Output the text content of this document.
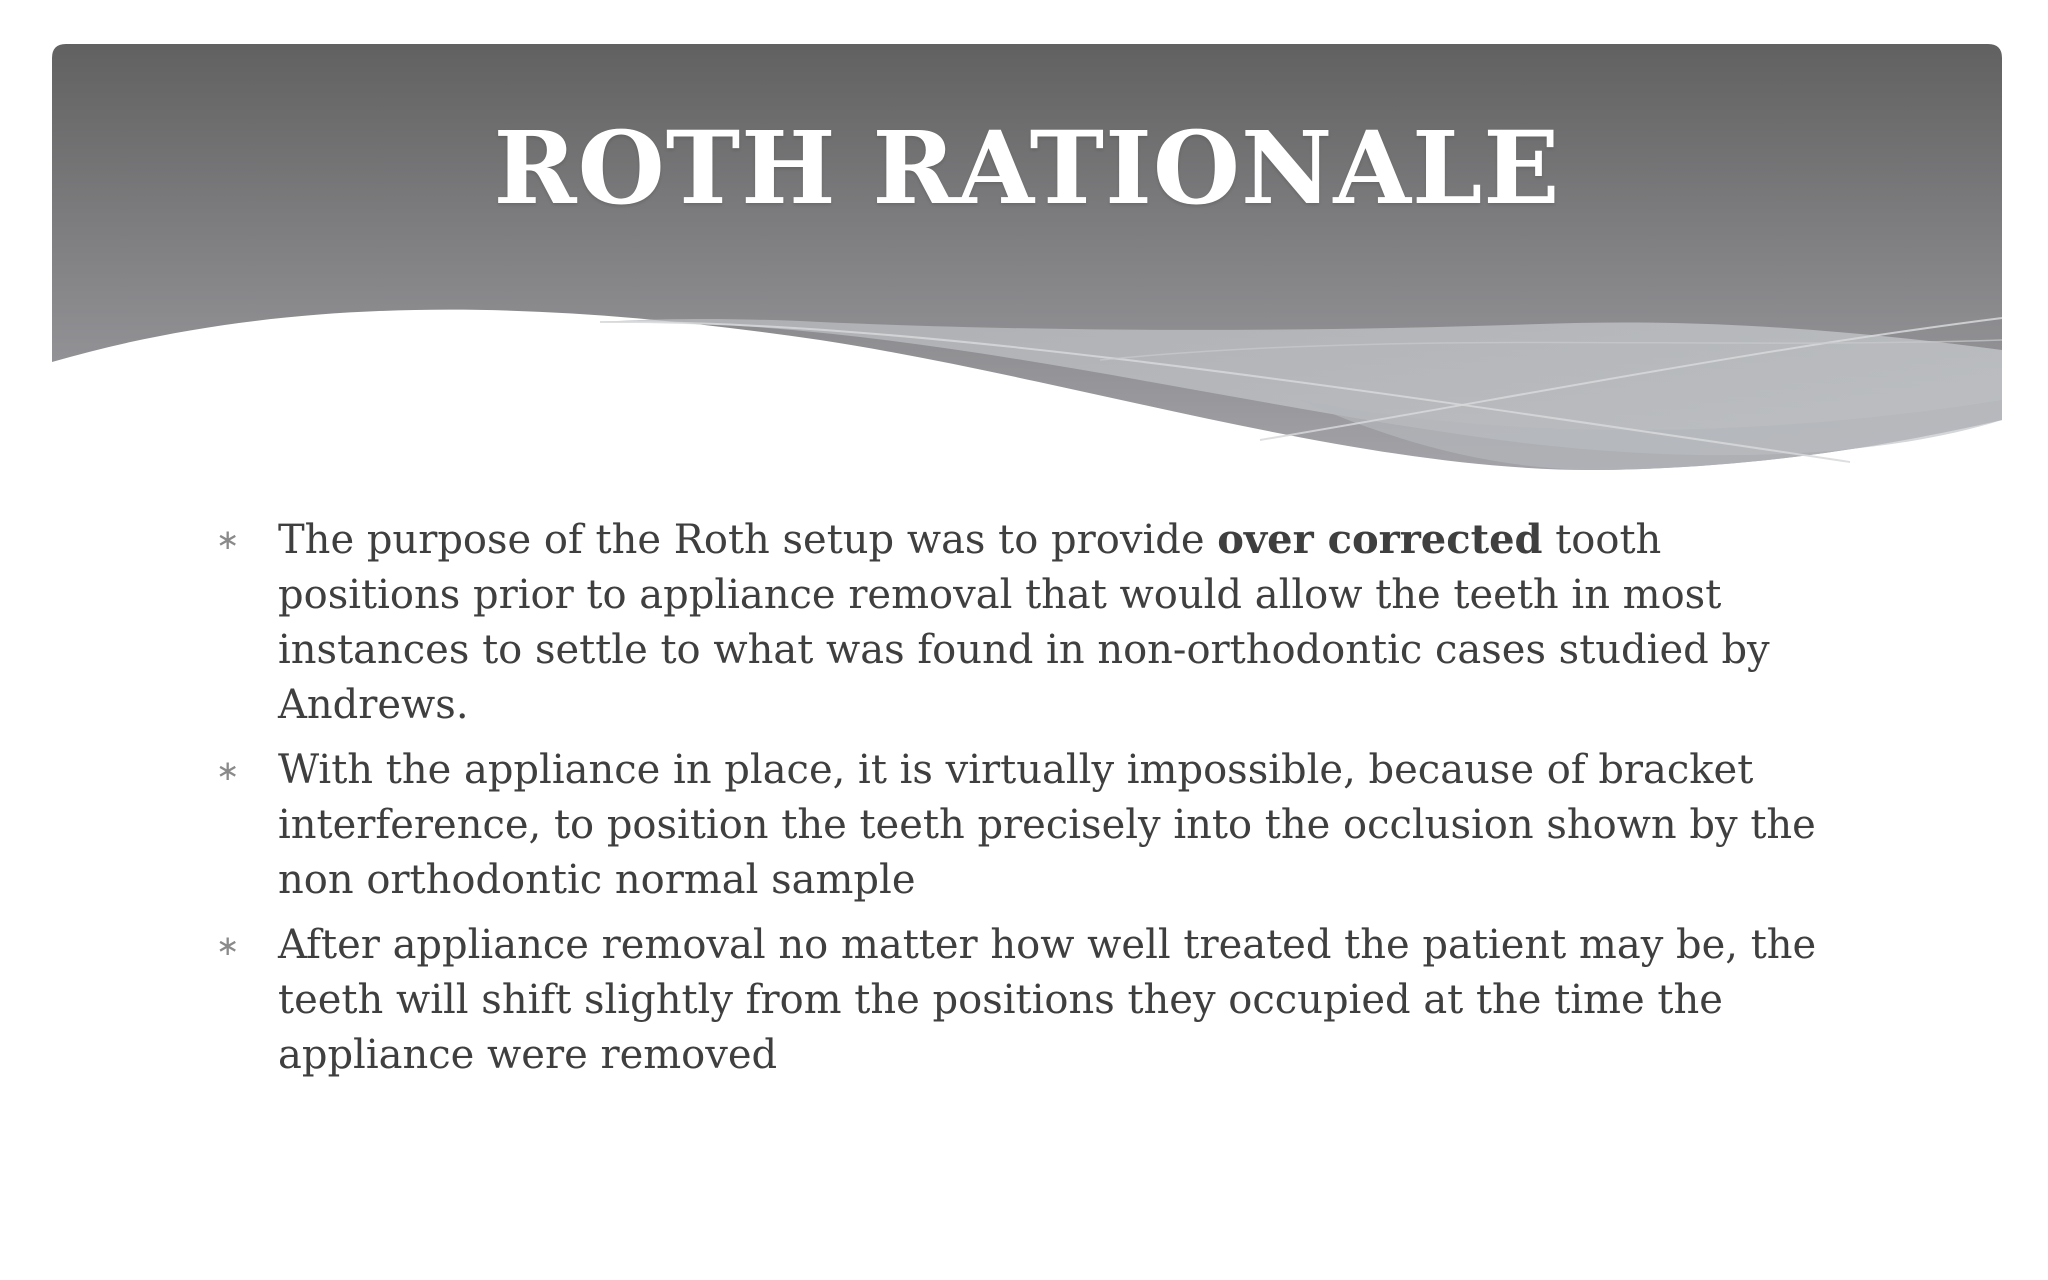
ROTH RATIONALE
∗ The purpose of the Roth setup was to provide over corrected tooth positions prior to appliance removal that would allow the teeth in most instances to settle to what was found in non-orthodontic cases studied by Andrews.
∗ With the appliance in place, it is virtually impossible, because of bracket interference, to position the teeth precisely into the occlusion shown by the non orthodontic normal sample
∗ After appliance removal no matter how well treated the patient may be, the teeth will shift slightly from the positions they occupied at the time the appliance were removed
